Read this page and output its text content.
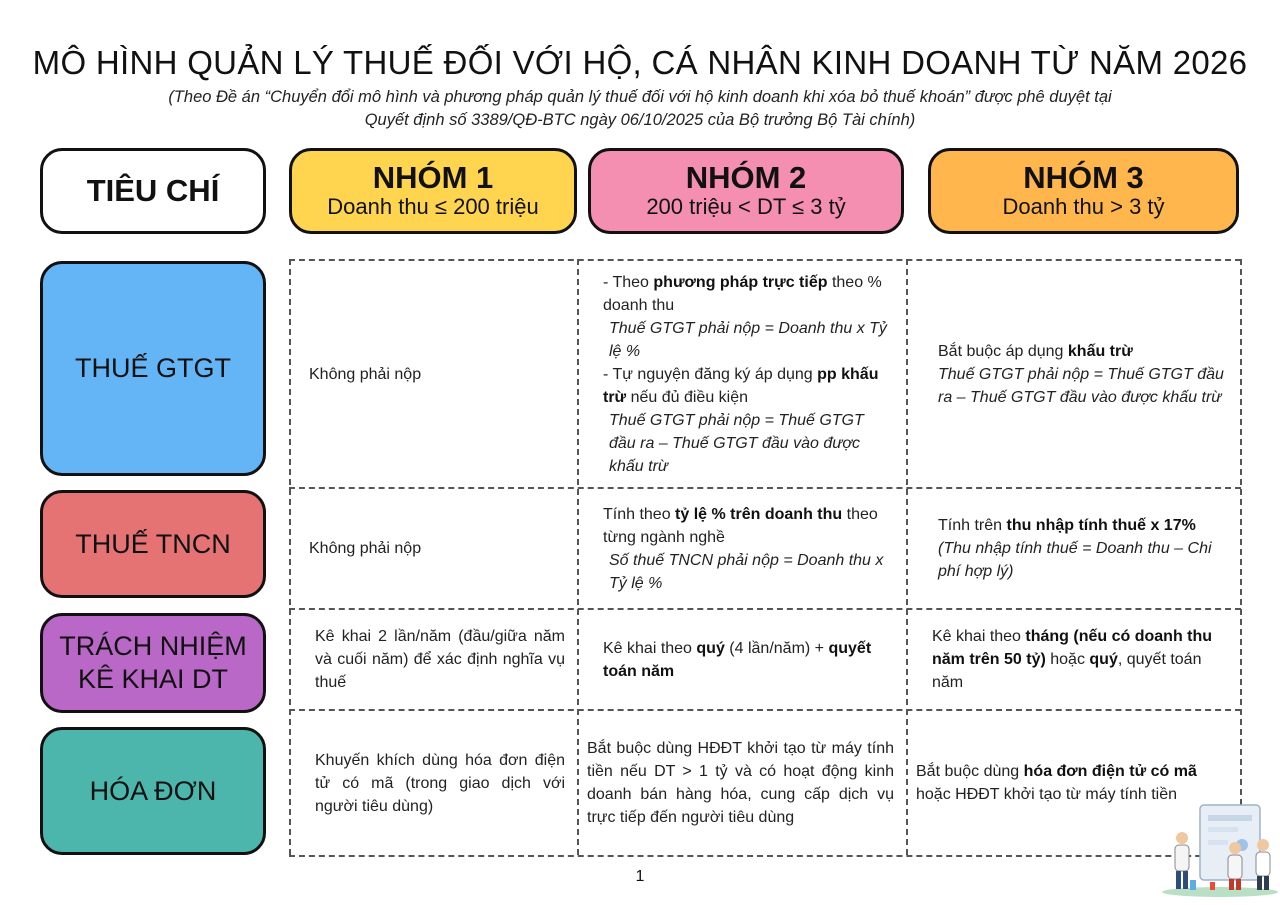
MÔ HÌNH QUẢN LÝ THUẾ ĐỐI VỚI HỘ, CÁ NHÂN KINH DOANH TỪ NĂM 2026
(Theo Đề án “Chuyển đổi mô hình và phương pháp quản lý thuế đối với hộ kinh doanh khi xóa bỏ thuế khoán” được phê duyệt tại
Quyết định số 3389/QĐ-BTC ngày 06/10/2025 của Bộ trưởng Bộ Tài chính)
TIÊU CHÍ	NHÓM 1
Doanh thu ≤ 200 triệu
NHÓM 2
200 triệu < DT ≤ 3 tỷ
NHÓM 3
Doanh thu > 3 tỷ
THUẾ GTGT
THUẾ TNCN
TRÁCH NHIỆM
KÊ KHAI DT
HÓA ĐƠN

Không phải nộp

- Theo phương pháp trực tiếp theo % doanh thu

Thuế GTGT phải nộp = Doanh thu x Tỷ lệ %

- Tự nguyện đăng ký áp dụng pp khấu trừ nếu đủ điều kiện

Thuế GTGT phải nộp = Thuế GTGT đầu ra – Thuế GTGT đầu vào được khấu trừ

Bắt buộc áp dụng khấu trừ

Thuế GTGT phải nộp = Thuế GTGT đầu ra – Thuế GTGT đầu vào được khấu trừ

Không phải nộp

Tính theo tỷ lệ % trên doanh thu theo từng ngành nghề

Số thuế TNCN phải nộp = Doanh thu x Tỷ lệ %

Tính trên thu nhập tính thuế x 17%

(Thu nhập tính thuế = Doanh thu – Chi phí hợp lý)

Kê khai 2 lần/năm (đầu/giữa năm và cuối năm) để xác định nghĩa vụ thuế

Kê khai theo quý (4 lần/năm) + quyết toán năm

Kê khai theo tháng (nếu có doanh thu năm trên 50 tỷ) hoặc quý, quyết toán năm

Khuyến khích dùng hóa đơn điện tử có mã (trong giao dịch với người tiêu dùng)

Bắt buộc dùng HĐĐT khởi tạo từ máy tính tiền nếu DT > 1 tỷ và có hoạt động kinh doanh bán hàng hóa, cung cấp dịch vụ trực tiếp đến người tiêu dùng

Bắt buộc dùng hóa đơn điện tử có mã hoặc HĐĐT khởi tạo từ máy tính tiền

1
